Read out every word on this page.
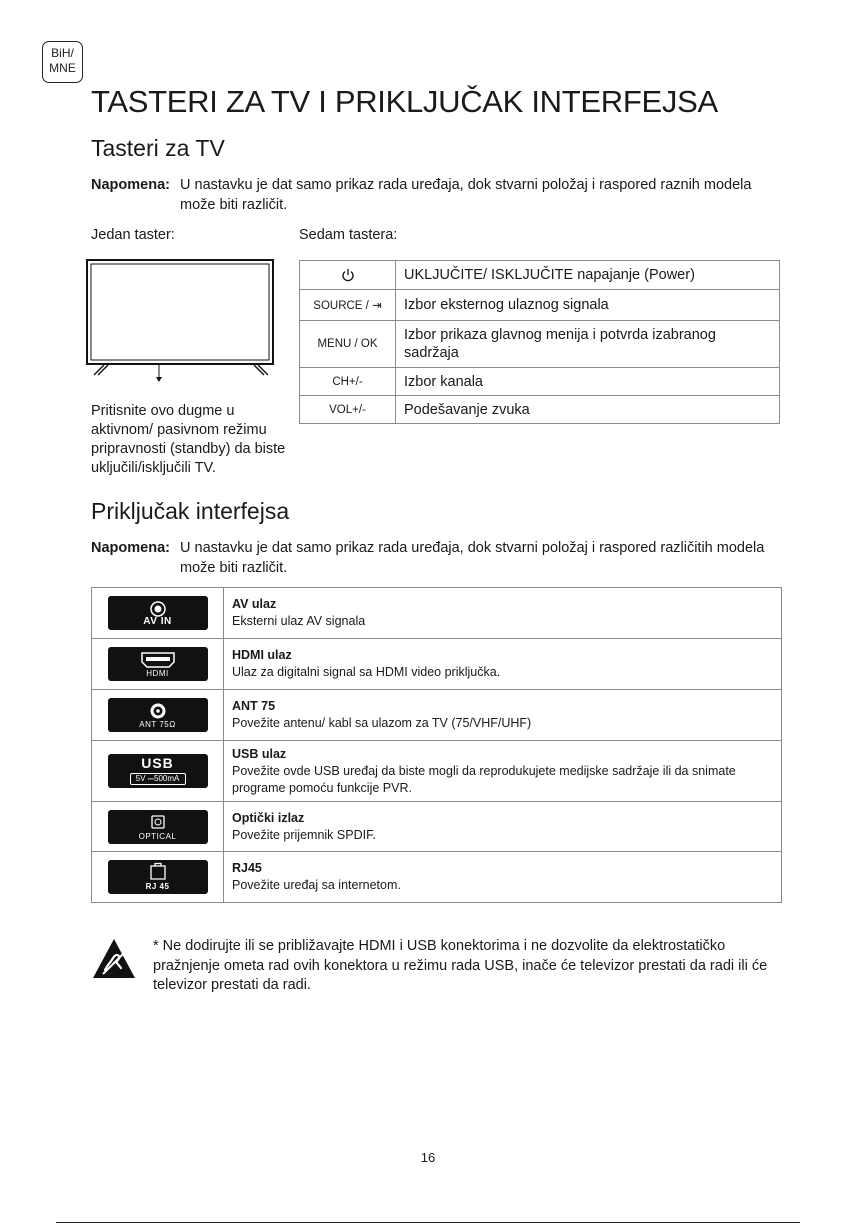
BiH/
MNE
TASTERI ZA TV I PRIKLJUČAK INTERFEJSA
Tasteri za TV
Napomena: U nastavku je dat samo prikaz rada uređaja, dok stvarni položaj i raspored raznih modela može biti različit.
Jedan taster:	Sedam tastera:
Pritisnite ovo dugme u aktivnom/ pasivnom režimu pripravnosti (standby) da biste uključili/isključili TV.
	UKLJUČITE/ ISKLJUČITE napajanje (Power)
SOURCE / ⇥	Izbor eksternog ulaznog signala
MENU / OK	Izbor prikaza glavnog menija i potvrda izabranog sadržaja
CH+/-	Izbor kanala
VOL+/-	Podešavanje zvuka
Priključak interfejsa
Napomena: U nastavku je dat samo prikaz rada uređaja, dok stvarni položaj i raspored različitih modela može biti različit.
AV IN	AV ulaz
Eksterni ulaz AV signala

HDMI	HDMI ulaz
Ulaz za digitalni signal sa HDMI video priključka.

ANT 75Ω	ANT 75
Povežite antenu/ kabl sa ulazom za TV (75/VHF/UHF)

USB
5V ⎓500mA	USB ulaz
Povežite ovde USB uređaj da biste mogli da reprodukujete medijske sadržaje ili da snimate programe pomoću funkcije PVR.

OPTICAL	Optički izlaz
Povežite prijemnik SPDIF.

RJ 45	RJ45
Povežite uređaj sa internetom.
* Ne dodirujte ili se približavajte HDMI i USB konektorima i ne dozvolite da elektrostatičko pražnjenje ometa rad ovih konektora u režimu rada USB, inače će televizor prestati da radi ili će televizor prestati da radi.
16
